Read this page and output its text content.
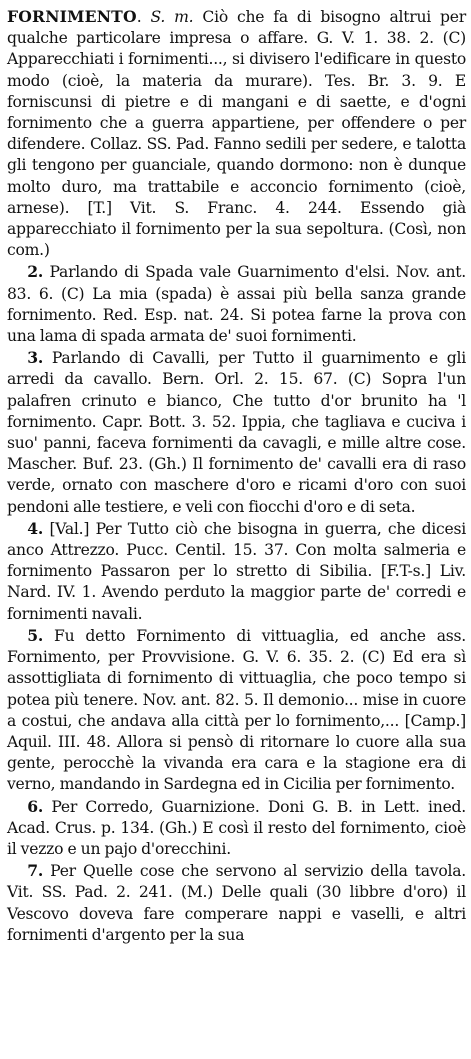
FORNIMENTO. S. m. Ciò che fa di bisogno altrui per qualche particolare impresa o affare. G. V. 1. 38. 2. (C) Apparecchiati i fornimenti..., si divisero l'edificare in questo modo (cioè, la materia da murare). Tes. Br. 3. 9. E forniscunsi di pietre e di mangani e di saette, e d'ogni fornimento che a guerra appartiene, per offendere o per difendere. Collaz. SS. Pad. Fanno sedili per sedere, e talotta gli tengono per guanciale, quando dormono: non è dunque molto duro, ma trattabile e acconcio fornimento (cioè, arnese). [T.] Vit. S. Franc. 4. 244. Essendo già apparecchiato il fornimento per la sua sepoltura. (Così, non com.)

2. Parlando di Spada vale Guarnimento d'elsi. Nov. ant. 83. 6. (C) La mia (spada) è assai più bella sanza grande fornimento. Red. Esp. nat. 24. Si potea farne la prova con una lama di spada armata de' suoi fornimenti.

3. Parlando di Cavalli, per Tutto il guarnimento e gli arredi da cavallo. Bern. Orl. 2. 15. 67. (C) Sopra l'un palafren crinuto e bianco, Che tutto d'or brunito ha 'l fornimento. Capr. Bott. 3. 52. Ippia, che tagliava e cuciva i suo' panni, faceva fornimenti da cavagli, e mille altre cose. Mascher. Buf. 23. (Gh.) Il fornimento de' cavalli era di raso verde, ornato con maschere d'oro e ricami d'oro con suoi pendoni alle testiere, e veli con fiocchi d'oro e di seta.

4. [Val.] Per Tutto ciò che bisogna in guerra, che dicesi anco Attrezzo. Pucc. Centil. 15. 37. Con molta salmeria e fornimento Passaron per lo stretto di Sibilia. [F.T-s.] Liv. Nard. IV. 1. Avendo perduto la maggior parte de' corredi e fornimenti navali.

5. Fu detto Fornimento di vittuaglia, ed anche ass. Fornimento, per Provvisione. G. V. 6. 35. 2. (C) Ed era sì assottigliata di fornimento di vittuaglia, che poco tempo si potea più tenere. Nov. ant. 82. 5. Il demonio... mise in cuore a costui, che andava alla città per lo fornimento,... [Camp.] Aquil. III. 48. Allora si pensò di ritornare lo cuore alla sua gente, perocchè la vivanda era cara e la stagione era di verno, mandando in Sardegna ed in Cicilia per fornimento.

6. Per Corredo, Guarnizione. Doni G. B. in Lett. ined. Acad. Crus. p. 134. (Gh.) E così il resto del fornimento, cioè il vezzo e un pajo d'orecchini.

7. Per Quelle cose che servono al servizio della tavola. Vit. SS. Pad. 2. 241. (M.) Delle quali (30 libbre d'oro) il Vescovo doveva fare comperare nappi e vaselli, e altri fornimenti d'argento per la sua
